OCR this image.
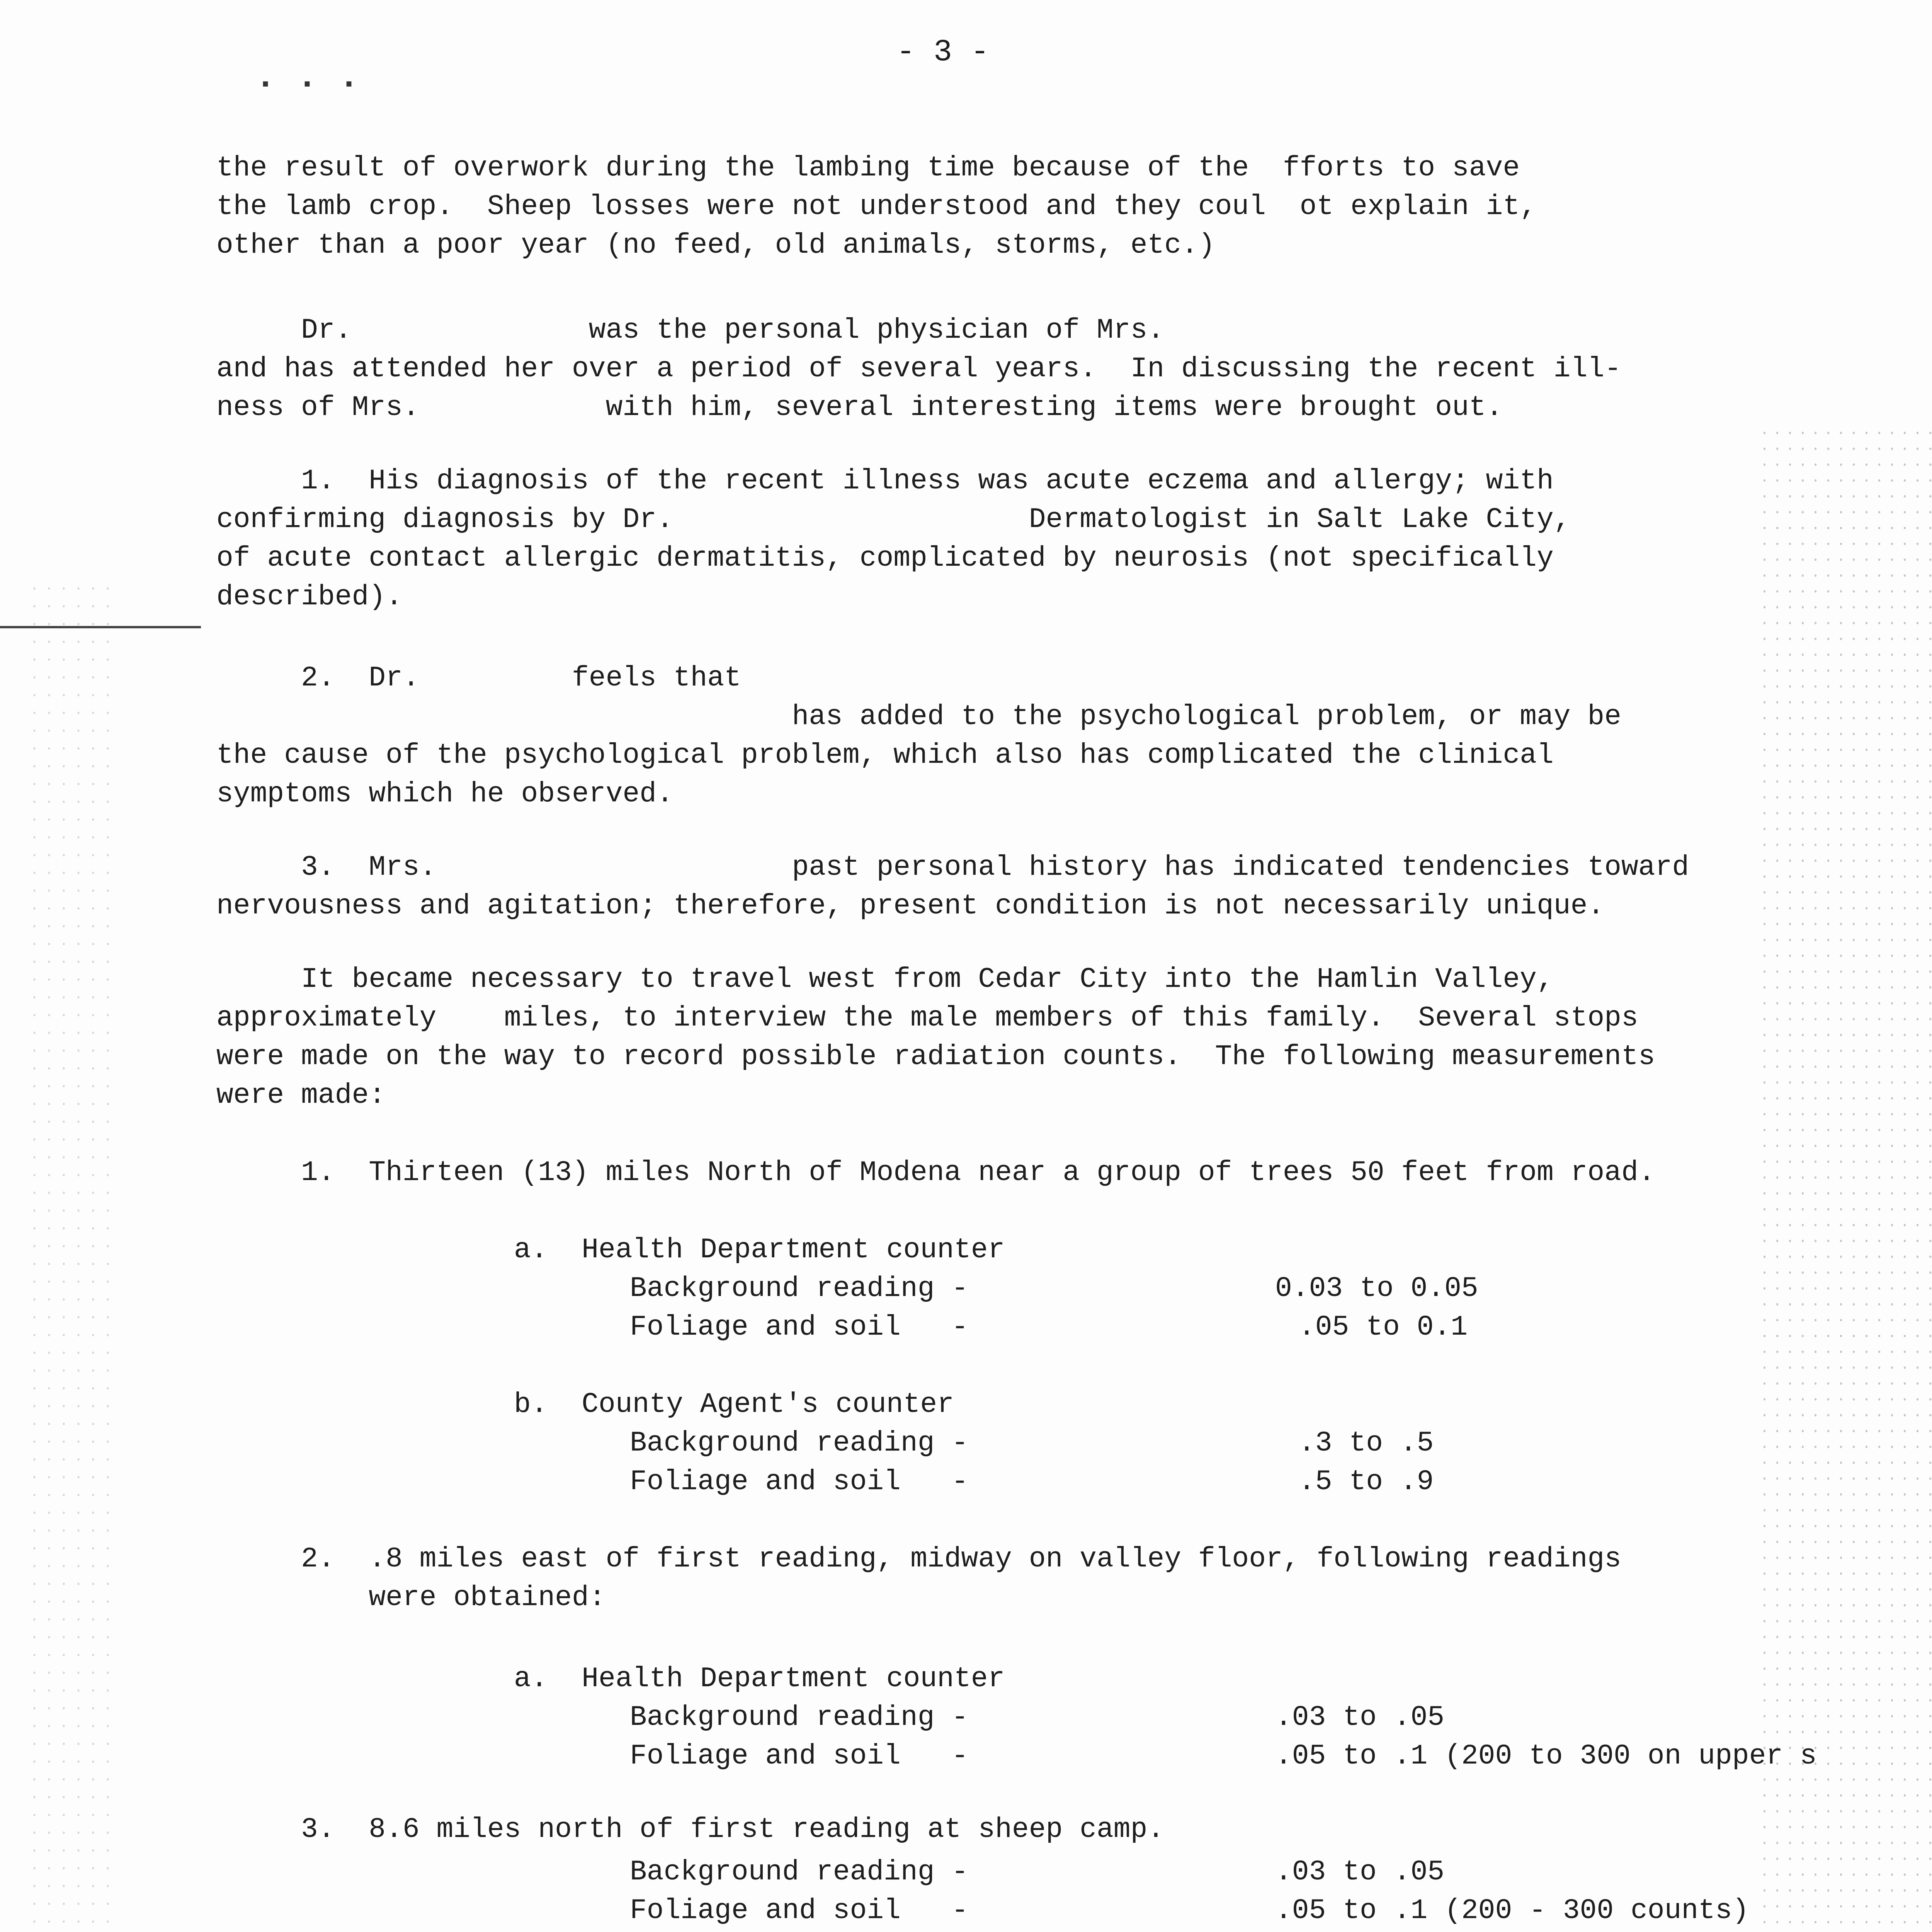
. . .
- 3 -
the result of overwork during the lambing time because of the  fforts to save
the lamb crop.  Sheep losses were not understood and they coul  ot explain it,
other than a poor year (no feed, old animals, storms, etc.)
Dr.              was the personal physician of Mrs.
and has attended her over a period of several years.  In discussing the recent ill-
ness of Mrs.           with him, several interesting items were brought out.
1.  His diagnosis of the recent illness was acute eczema and allergy; with
confirming diagnosis by Dr.                     Dermatologist in Salt Lake City,
of acute contact allergic dermatitis, complicated by neurosis (not specifically
described).
2.  Dr.         feels that
has added to the psychological problem, or may be
the cause of the psychological problem, which also has complicated the clinical
symptoms which he observed.
3.  Mrs.                     past personal history has indicated tendencies toward
nervousness and agitation; therefore, present condition is not necessarily unique.
It became necessary to travel west from Cedar City into the Hamlin Valley,
approximately    miles, to interview the male members of this family.  Several stops
were made on the way to record possible radiation counts.  The following measurements
were made:
1.  Thirteen (13) miles North of Modena near a group of trees 50 feet from road.
a.  Health Department counter
Background reading -	0.03 to 0.05
Foliage and soil   -	.05 to 0.1
b.  County Agent's counter
Background reading -	.3 to .5
Foliage and soil   -	.5 to .9
2.  .8 miles east of first reading, midway on valley floor, following readings
were obtained:
a.  Health Department counter
Background reading -	.03 to .05
Foliage and soil   -	.05 to .1 (200 to 300 on upper s
3.  8.6 miles north of first reading at sheep camp.
Background reading -	.03 to .05
Foliage and soil   -	.05 to .1 (200 - 300 counts)
